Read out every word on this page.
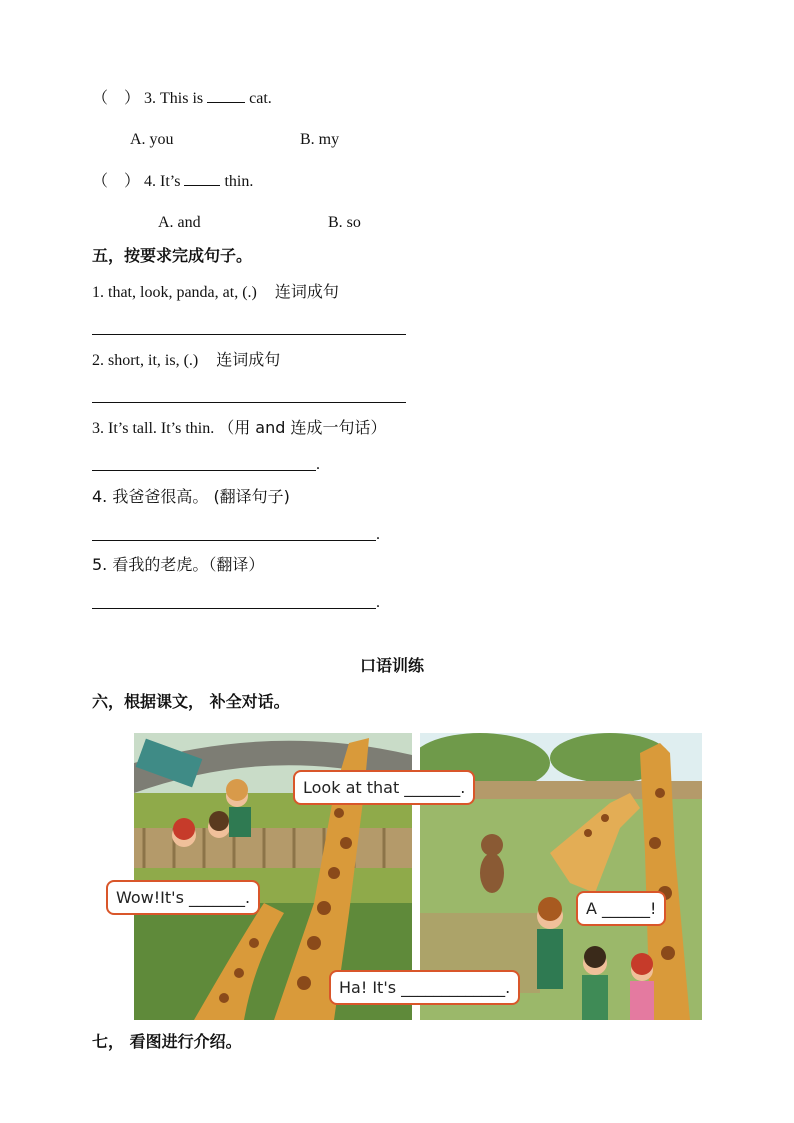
（　） 3. This is	cat.
A. you	B. my
（　） 4. It’s	thin.
A. and	B. so
五，按要求完成句子。
1. that, look, panda, at, (.) 连词成句
2. short, it, is, (.) 连词成句
3. It’s tall. It’s thin. （用 and 连成一句话）
.
4. 我爸爸很高。 (翻译句子)
.
5. 看我的老虎。（翻译）
.
口语训练
六，根据课文， 补全对话。
Look at that _______.
Wow!It's _______.
A ______!
Ha! It's _____________.
七， 看图进行介绍。
